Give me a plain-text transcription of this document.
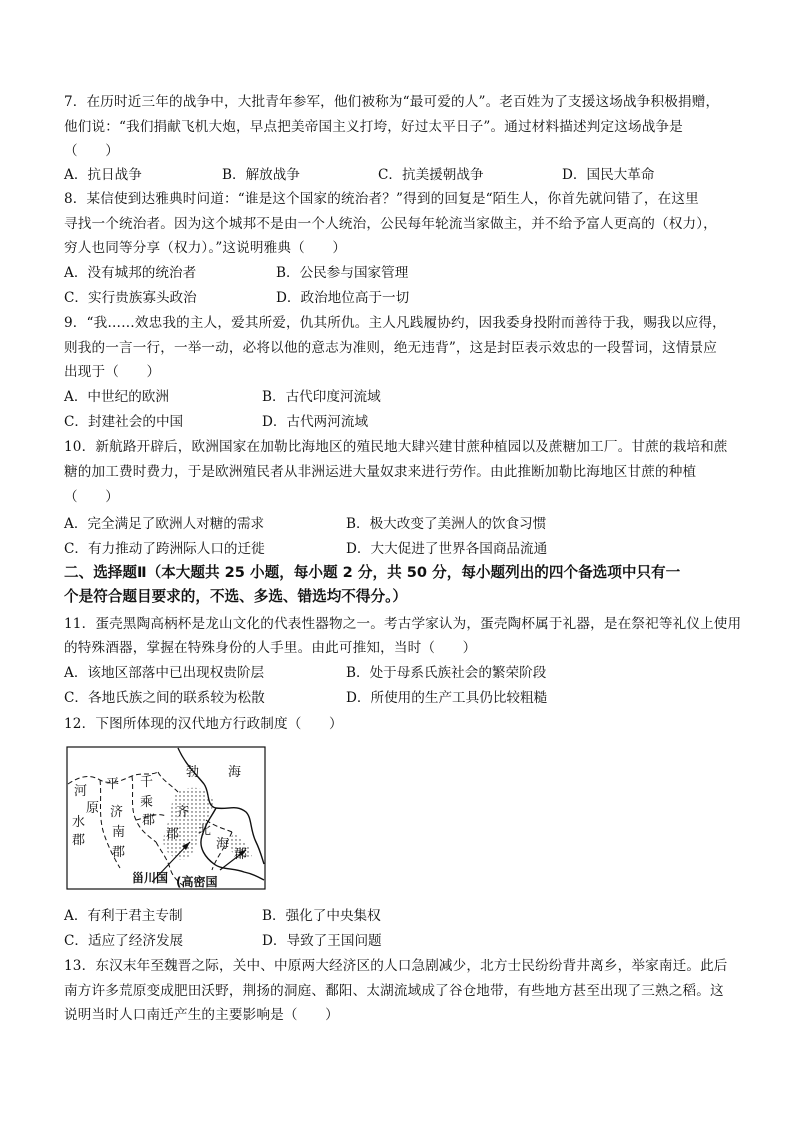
7．在历时近三年的战争中，大批青年参军，他们被称为“最可爱的人”。老百姓为了支援这场战争积极捐赠，
他们说：“我们捐献飞机大炮，早点把美帝国主义打垮，好过太平日子”。通过材料描述判定这场战争是
（　　）
A．抗日战争	B．解放战争	C．抗美援朝战争	D．国民大革命
8．某信使到达雅典时问道：“谁是这个国家的统治者？”得到的回复是“陌生人，你首先就问错了，在这里
寻找一个统治者。因为这个城邦不是由一个人统治，公民每年轮流当家做主，并不给予富人更高的（权力），
穷人也同等分享（权力）。”这说明雅典（　　）
A．没有城邦的统治者	B．公民参与国家管理
C．实行贵族寡头政治	D．政治地位高于一切
9．“我……效忠我的主人，爱其所爱，仇其所仇。主人凡践履协约，因我委身投附而善待于我，赐我以应得，
则我的一言一行，一举一动，必将以他的意志为准则，绝无违背”，这是封臣表示效忠的一段誓词，这情景应
出现于（　　）
A．中世纪的欧洲	B．古代印度河流域
C．封建社会的中国	D．古代两河流域
10．新航路开辟后，欧洲国家在加勒比海地区的殖民地大肆兴建甘蔗种植园以及蔗糖加工厂。甘蔗的栽培和蔗
糖的加工费时费力，于是欧洲殖民者从非洲运进大量奴隶来进行劳作。由此推断加勒比海地区甘蔗的种植
（　　）
A．完全满足了欧洲人对糖的需求	B．极大改变了美洲人的饮食习惯
C．有力推动了跨洲际人口的迁徙	D．大大促进了世界各国商品流通
二、选择题Ⅱ（本大题共 25 小题，每小题 2 分，共 50 分，每小题列出的四个备选项中只有一
个是符合题目要求的，不选、多选、错选均不得分。）
11．蛋壳黑陶高柄杯是龙山文化的代表性器物之一。考古学家认为，蛋壳陶杯属于礼器，是在祭祀等礼仪上使用
的特殊酒器，掌握在特殊身份的人手里。由此可推知，当时（　　）
A．该地区部落中已出现权贵阶层	B．处于母系氏族社会的繁荣阶段
C．各地氏族之间的联系较为松散	D．所使用的生产工具仍比较粗糙
12．下图所体现的汉代地方行政制度（　　）
河 平 千
原
水
郡
济
南
郡
乘
郡
齐
郡
勃 海
北
海
郡
甾川国 (高密国
A．有利于君主专制	B．强化了中央集权
C．适应了经济发展	D．导致了王国问题
13．东汉末年至魏晋之际，关中、中原两大经济区的人口急剧减少，北方士民纷纷背井离乡，举家南迁。此后
南方许多荒原变成肥田沃野，荆扬的洞庭、鄱阳、太湖流域成了谷仓地带，有些地方甚至出现了三熟之稻。这
说明当时人口南迁产生的主要影响是（　　）
